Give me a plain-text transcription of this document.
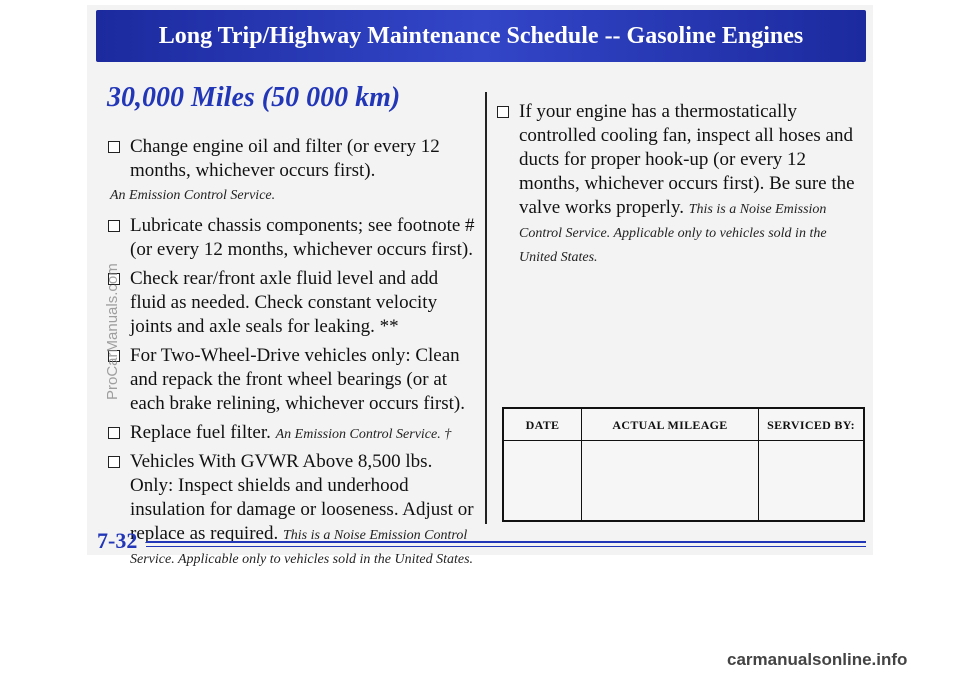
Long Trip/Highway Maintenance Schedule -- Gasoline Engines
30,000 Miles (50 000 km)
Change engine oil and filter (or every 12 months, whichever occurs first).
An Emission Control Service.
Lubricate chassis components; see footnote # (or every 12 months, whichever occurs first).
Check rear/front axle fluid level and add fluid as needed. Check constant velocity joints and axle seals for leaking. **
For Two-Wheel-Drive vehicles only: Clean and repack the front wheel bearings (or at each brake relining, whichever occurs first).
Replace fuel filter. An Emission Control Service. †
Vehicles With GVWR Above 8,500 lbs. Only: Inspect shields and underhood insulation for damage or looseness. Adjust or replace as required. This is a Noise Emission Control Service. Applicable only to vehicles sold in the United States.
If your engine has a thermostatically controlled cooling fan, inspect all hoses and ducts for proper hook-up (or every 12 months, whichever occurs first). Be sure the valve works properly. This is a Noise Emission Control Service. Applicable only to vehicles sold in the United States.
DATE	ACTUAL MILEAGE	SERVICED BY:
7-32
ProCarManuals.com
carmanualsonline.info
